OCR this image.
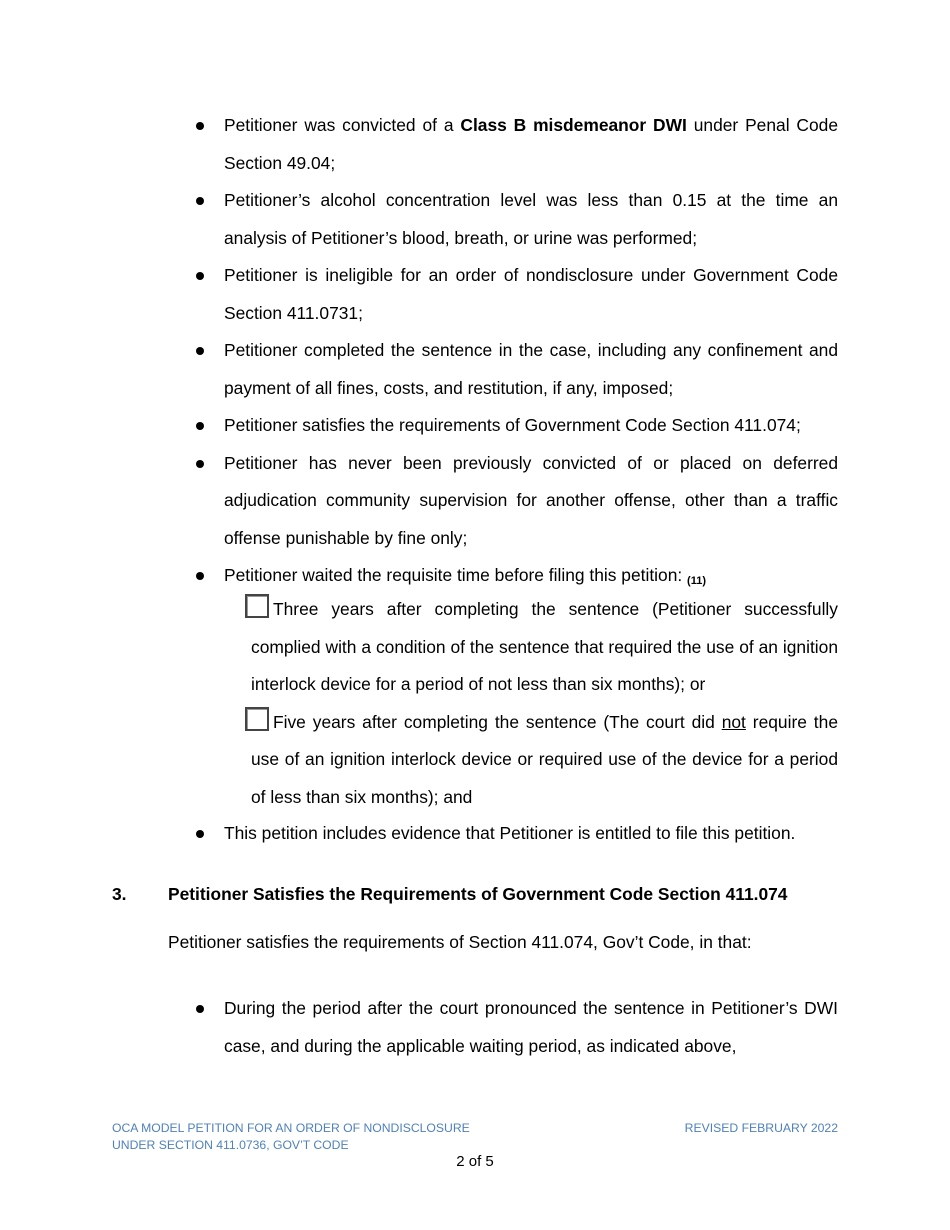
Petitioner was convicted of a Class B misdemeanor DWI under Penal Code Section 49.04;
Petitioner’s alcohol concentration level was less than 0.15 at the time an analysis of Petitioner’s blood, breath, or urine was performed;
Petitioner is ineligible for an order of nondisclosure under Government Code Section 411.0731;
Petitioner completed the sentence in the case, including any confinement and payment of all fines, costs, and restitution, if any, imposed;
Petitioner satisfies the requirements of Government Code Section 411.074;
Petitioner has never been previously convicted of or placed on deferred adjudication community supervision for another offense, other than a traffic offense punishable by fine only;
Petitioner waited the requisite time before filing this petition: (11)
Three years after completing the sentence (Petitioner successfully complied with a condition of the sentence that required the use of an ignition interlock device for a period of not less than six months); or
Five years after completing the sentence (The court did not require the use of an ignition interlock device or required use of the device for a period of less than six months); and
This petition includes evidence that Petitioner is entitled to file this petition.
3. Petitioner Satisfies the Requirements of Government Code Section 411.074
Petitioner satisfies the requirements of Section 411.074, Gov’t Code, in that:
During the period after the court pronounced the sentence in Petitioner’s DWI case, and during the applicable waiting period, as indicated above,
OCA MODEL PETITION FOR AN ORDER OF NONDISCLOSURE
UNDER SECTION 411.0736, GOV’T CODE
REVISED FEBRUARY 2022
2 of 5
